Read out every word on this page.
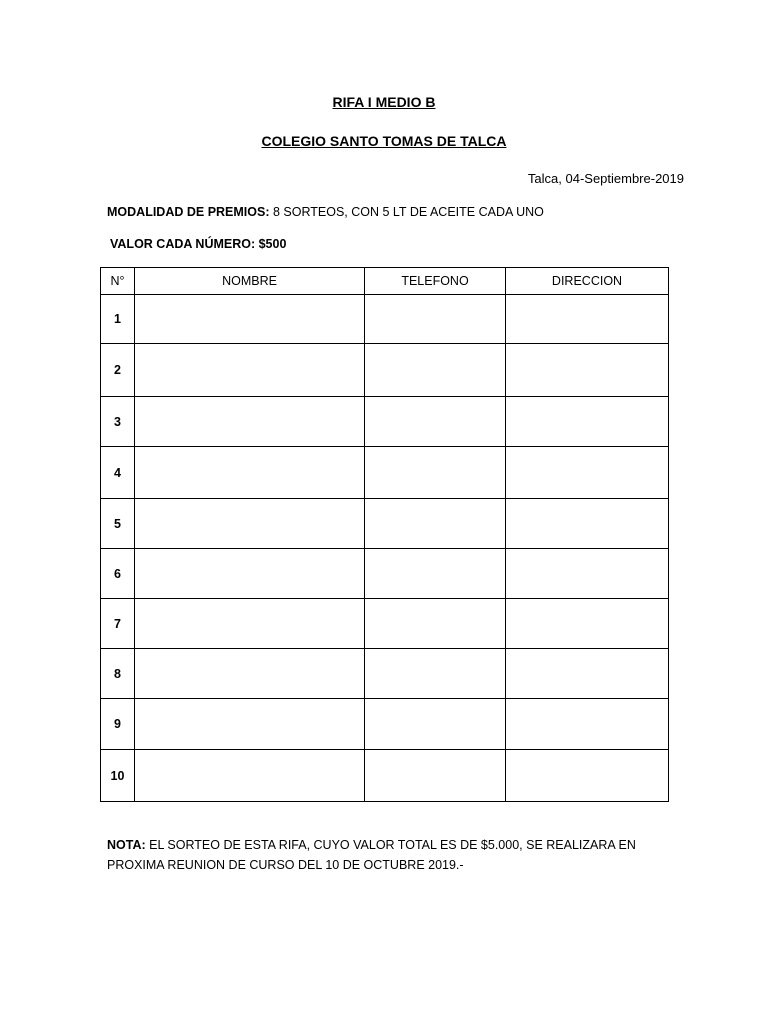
RIFA I MEDIO B
COLEGIO SANTO TOMAS DE TALCA
Talca, 04-Septiembre-2019
MODALIDAD DE PREMIOS: 8 SORTEOS, CON 5 LT DE ACEITE CADA UNO
VALOR CADA NÚMERO: $500
N°	NOMBRE	TELEFONO	DIRECCION
1			
2			
3			
4			
5			
6			
7			
8			
9			
10			
NOTA: EL SORTEO DE ESTA RIFA, CUYO VALOR TOTAL ES DE $5.000, SE REALIZARA EN PROXIMA REUNION DE CURSO DEL 10 DE OCTUBRE 2019.-
